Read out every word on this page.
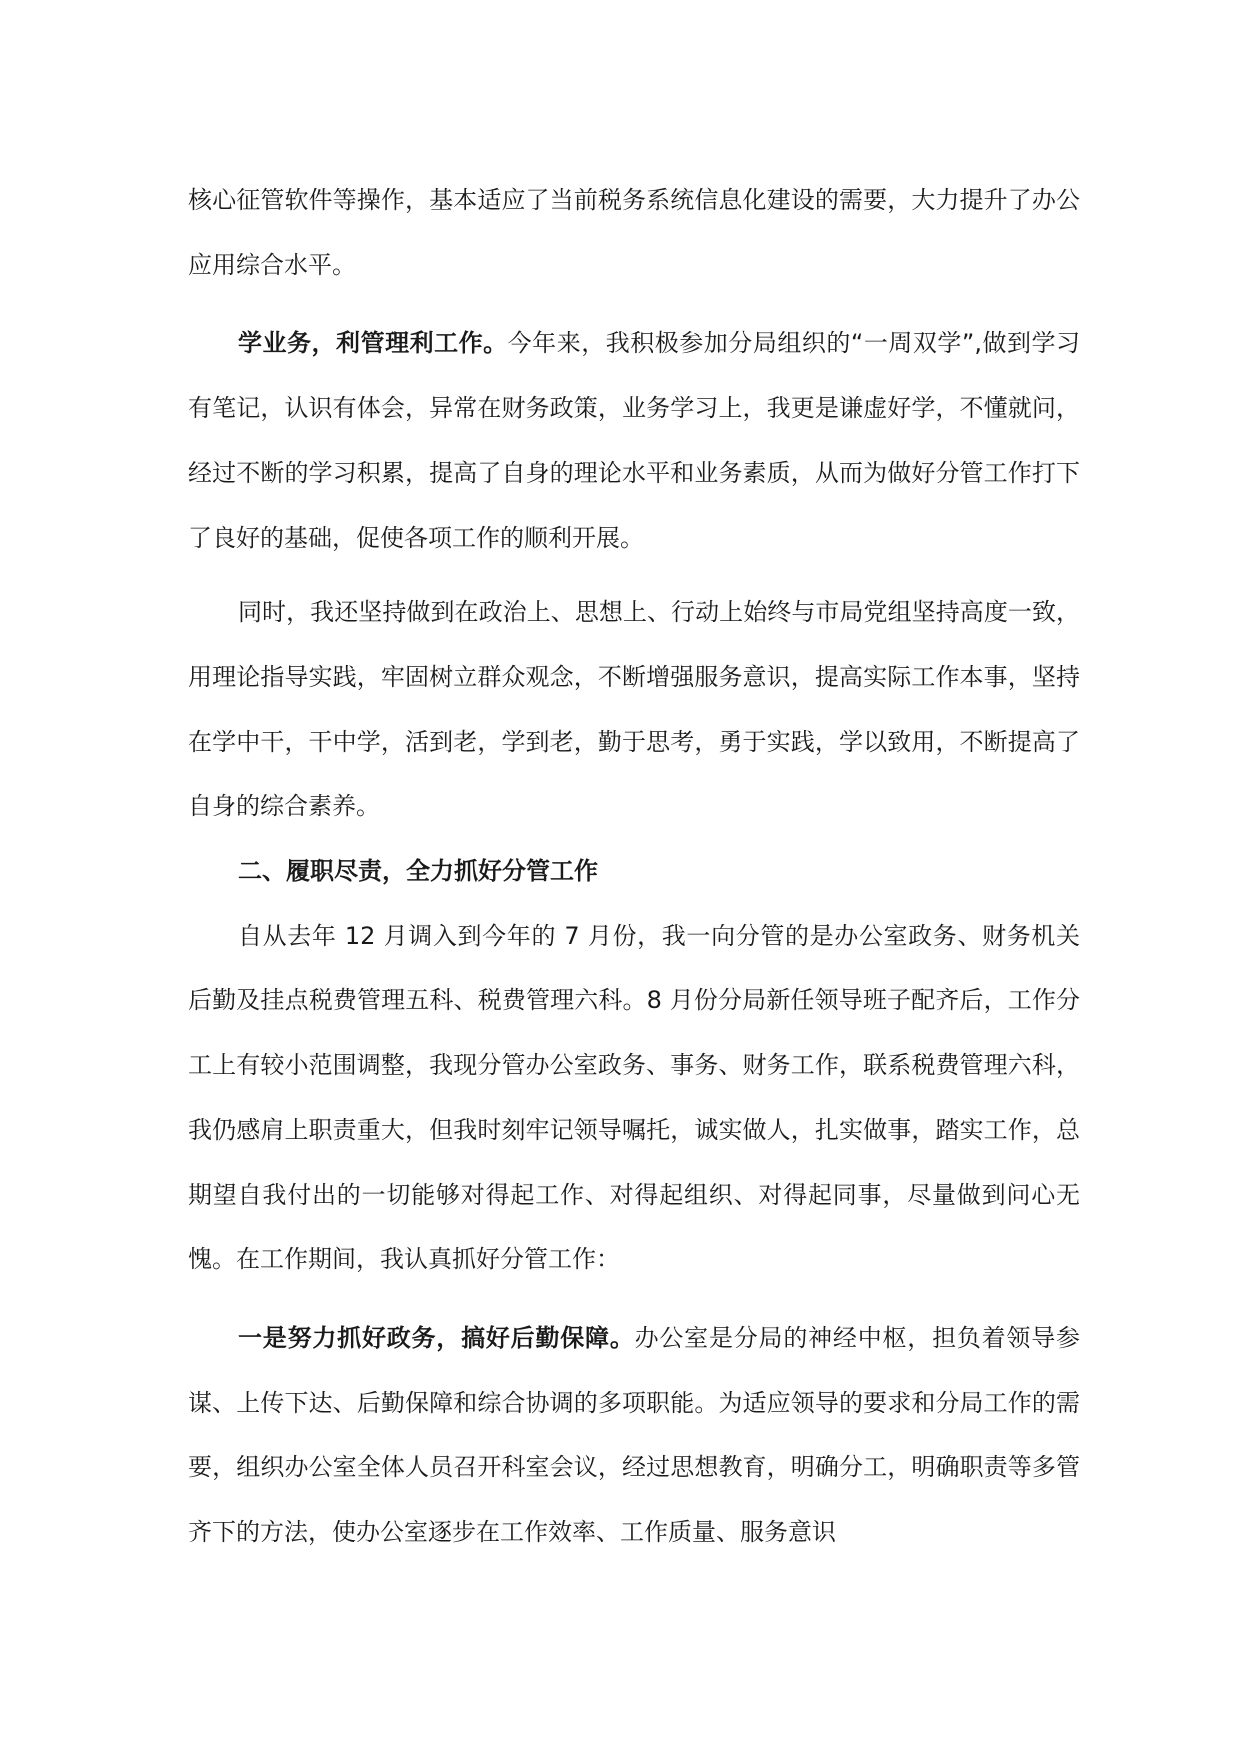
核心征管软件等操作，基本适应了当前税务系统信息化建设的需要，大力提升了办公应用综合水平。

学业务，利管理利工作。今年来，我积极参加分局组织的“一周双学”,做到学习有笔记，认识有体会，异常在财务政策，业务学习上，我更是谦虚好学，不懂就问，经过不断的学习积累，提高了自身的理论水平和业务素质，从而为做好分管工作打下了良好的基础，促使各项工作的顺利开展。

同时，我还坚持做到在政治上、思想上、行动上始终与市局党组坚持高度一致，用理论指导实践，牢固树立群众观念，不断增强服务意识，提高实际工作本事，坚持在学中干，干中学，活到老，学到老，勤于思考，勇于实践，学以致用，不断提高了自身的综合素养。

二、履职尽责，全力抓好分管工作

自从去年 12 月调入到今年的 7 月份，我一向分管的是办公室政务、财务机关后勤及挂点税费管理五科、税费管理六科。8 月份分局新任领导班子配齐后，工作分工上有较小范围调整，我现分管办公室政务、事务、财务工作，联系税费管理六科，我仍感肩上职责重大，但我时刻牢记领导嘱托，诚实做人，扎实做事，踏实工作，总期望自我付出的一切能够对得起工作、对得起组织、对得起同事，尽量做到问心无愧。在工作期间，我认真抓好分管工作：

一是努力抓好政务，搞好后勤保障。办公室是分局的神经中枢，担负着领导参谋、上传下达、后勤保障和综合协调的多项职能。为适应领导的要求和分局工作的需要，组织办公室全体人员召开科室会议，经过思想教育，明确分工，明确职责等多管齐下的方法，使办公室逐步在工作效率、工作质量、服务意识
